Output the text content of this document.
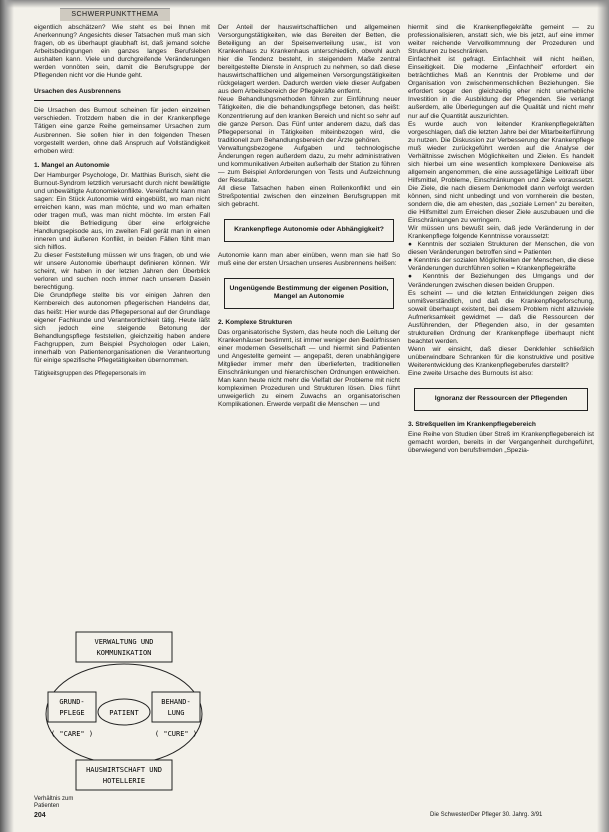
SCHWERPUNKTTHEMA

eigentlich abschätzen? Wie steht es bei Ihnen mit Anerkennung? Angesichts dieser Tatsachen muß man sich fragen, ob es überhaupt glaubhaft ist, daß jemand solche Arbeitsbedingungen ein ganzes langes Berufsleben aushalten kann. Viele und durchgreifende Veränderungen werden vonnöten sein, damit die Berufsgruppe der Pflegenden nicht vor die Hunde geht.

Ursachen des Ausbrennens

Die Ursachen des Burnout scheinen für jeden einzelnen verschieden. Trotzdem haben die in der Krankenpflege Tätigen eine ganze Reihe gemeinsamer Ursachen zum Ausbrennen. Sie sollen hier in den folgenden Thesen vorgestellt werden, ohne daß Anspruch auf Vollständigkeit erhoben wird:

1. Mangel an Autonomie

Der Hamburger Psychologe, Dr. Matthias Burisch, sieht die Burnout-Syndrom letztlich verursacht durch nicht bewältigte und unbewältigte Autonomiekonflikte. Vereinfacht kann man sagen: Ein Stück Autonomie wird eingebüßt, wo man nicht erreichen kann, was man möchte, und wo man erhalten oder tragen muß, was man nicht möchte. Im ersten Fall bleibt die Befriedigung über eine erfolgreiche Handlungsepisode aus, im zweiten Fall gerät man in einen inneren und äußeren Konflikt, in beiden Fällen fühlt man sich hilflos.

Zu dieser Feststellung müssen wir uns fragen, ob und wie wir unsere Autonomie überhaupt definieren können. Wir scheint, wir haben in der letzten Jahren den Überblick verloren und suchen noch immer nach unserem Dasein berechtigung.

Die Grundpflege stellte bis vor einigen Jahren den Kernbereich des autonomen pflegerischen Handelns dar, das heißt: Hier wurde das Pflegepersonal auf der Grundlage eigener Fachkunde und Verantwortlichkeit tätig. Heute läßt sich jedoch eine steigende Betonung der Behandlungspflege feststellen, gleichzeitig haben andere Fachgruppen, zum Beispiel Psychologen oder Laien, innerhalb von Patientenorganisationen die Verantwortung für einige spezifische Pflegetätigkeiten übernommen.

Tätigkeitsgruppen des Pflegepersonals im

VERWALTUNG UND
KOMMUNIKATION
GRUND-
PFLEGE
( "CARE" )
BEHAND-
LUNG
( "CURE" )
PATIENT
HAUSWIRTSCHAFT UND
HOTELLERIE
Verhältnis zum Patienten

Der Anteil der hauswirtschaftlichen und allgemeinen Versorgungstätigkeiten, wie das Bereiten der Betten, die Beteiligung an der Speisenverteilung usw., ist von Krankenhaus zu Krankenhaus unterschiedlich, obwohl auch hier die Tendenz besteht, in steigendem Maße zentral bereitgestellte Dienste in Anspruch zu nehmen, so daß diese hauswirtschaftlichen und allgemeinen Versorgungstätigkeiten rückgelagert werden. Dadurch werden viele dieser Aufgaben aus dem Arbeitsbereich der Pflegekräfte entfernt.

Neue Behandlungsmethoden führen zur Einführung neuer Tätigkeiten, die die behandlungspflege betonen, das heißt: Konzentrierung auf den kranken Bereich und nicht so sehr auf die ganze Person. Das Fünf unter anderem dazu, daß das Pflegepersonal in Tätigkeiten miteinbezogen wird, die traditionell zum Behandlungsbereich der Ärzte gehören.

Verwaltungsbezogene Aufgaben und technologische Änderungen regen außerdem dazu, zu mehr administrativen und kommunikativen Arbeiten außerhalb der Station zu führen — zum Beispiel Anforderungen von Tests und Aufzeichnung der Resultate.

All diese Tatsachen haben einen Rollenkonflikt und ein Streßpotential zwischen den einzelnen Berufsgruppen mit sich gebracht.

Krankenpflege Autonomie oder Abhängigkeit?

Autonomie kann man aber einüben, wenn man sie hat! So muß eine der ersten Ursachen unseres Ausbrennens heißen:

Ungenügende Bestimmung der eigenen Position, Mangel an Autonomie

2. Komplexe Strukturen

Das organisatorische System, das heute noch die Leitung der Krankenhäuser bestimmt, ist immer weniger den Bedürfnissen einer modernen Gesellschaft — und hiermit sind Patienten und Angestellte gemeint — angepaßt, deren unabhängigere Mitglieder immer mehr den überlieferten, traditionellen Einschränkungen und hierarchischen Ordnungen entweichen. Man kann heute nicht mehr die Vielfalt der Probleme mit nicht kompleximen Prozeduren und Strukturen lösen. Dies führt unweigerlich zu einem Zuwachs an organisatorischen Komplikationen. Erwerde verpaßt die Menschen — und

hiermit sind die Krankenpflegekräfte gemeint — zu professionalisieren, anstatt sich, wie bis jetzt, auf eine immer weiter reichende Vervollkommnung der Prozeduren und Strukturen zu beschränken.

Einfachheit ist gefragt. Einfachheit will nicht heißen, Einseitigkeit. Die moderne „Einfachheit" erfordert ein beträchtliches Maß an Kenntnis der Probleme und der Organisation von zwischenmenschlichen Beziehungen. Sie erfordert sogar den gleichzeitig eher nicht unerhebliche Investition in die Ausbildung der Pflegenden. Sie verlangt außerdem, alle Überlegungen auf die Qualität und nicht mehr nur auf die Quantität auszurichten.

Es wurde auch von leitender Krankenpflegekräften vorgeschlagen, daß die letzten Jahre bei der Mitarbeiterführung zu nutzen. Die Diskussion zur Verbesserung der Krankenpflege muß wieder zurückgeführt werden auf die Analyse der Verhältnisse zwischen Möglichkeiten und Zielen. Es handelt sich hierbei um eine wesentlich komplexere Denkweise als allgemein angenommen, die eine aussagefähige Leitkraft über Hilfsmittel, Probleme, Einschränkungen und Ziele voraussetzt. Die Ziele, die nach diesem Denkmodell dann verfolgt werden können, sind nicht unbedingt und von vornherein die besten, sondern die, die am ehesten, das „soziale Lernen" zu bereiten, die Hilfsmittel zum Erreichen dieser Ziele auszubauen und die Einschränkungen zu verringern.

Wir müssen uns bewußt sein, daß jede Veränderung in der Krankenpflege folgende Kenntnisse voraussetzt:

● Kenntnis der sozialen Strukturen der Menschen, die von diesen Veränderungen betroffen sind = Patienten

● Kenntnis der sozialen Möglichkeiten der Menschen, die diese Veränderungen durchführen sollen = Krankenpflegekräfte

● Kenntnis der Beziehungen des Umgangs und der Veränderungen zwischen diesen beiden Gruppen.

Es scheint — und die letzten Entwicklungen zeigen dies unmißverständlich, und daß die Krankenpflegeforschung, soweit überhaupt existent, bei diesem Problem nicht allzuviele Aufmerksamkeit gewidmet — daß die Ressourcen der Ausführenden, der Pflegenden also, in der gesamten strukturellen Ordnung der Krankenpflege überhaupt nicht beachtet werden.

Wenn wir einsicht, daß dieser Denkfehler schließlich unüberwindbare Schranken für die konstruktive und positive Weiterentwicklung des Krankenpflegeberufes darstellt?

Eine zweite Ursache des Burnouts ist also:

Ignoranz der Ressourcen der Pflegenden

3. Streßquellen im Krankenpflegebereich

Eine Reihe von Studien über Streß im Krankenpflegebereich ist gemacht worden, bereits in der Vergangenheit durchgeführt, überwiegend von berufsfremden „Spezia-

204	Die Schwester/Der Pfleger 30. Jahrg. 3/91
